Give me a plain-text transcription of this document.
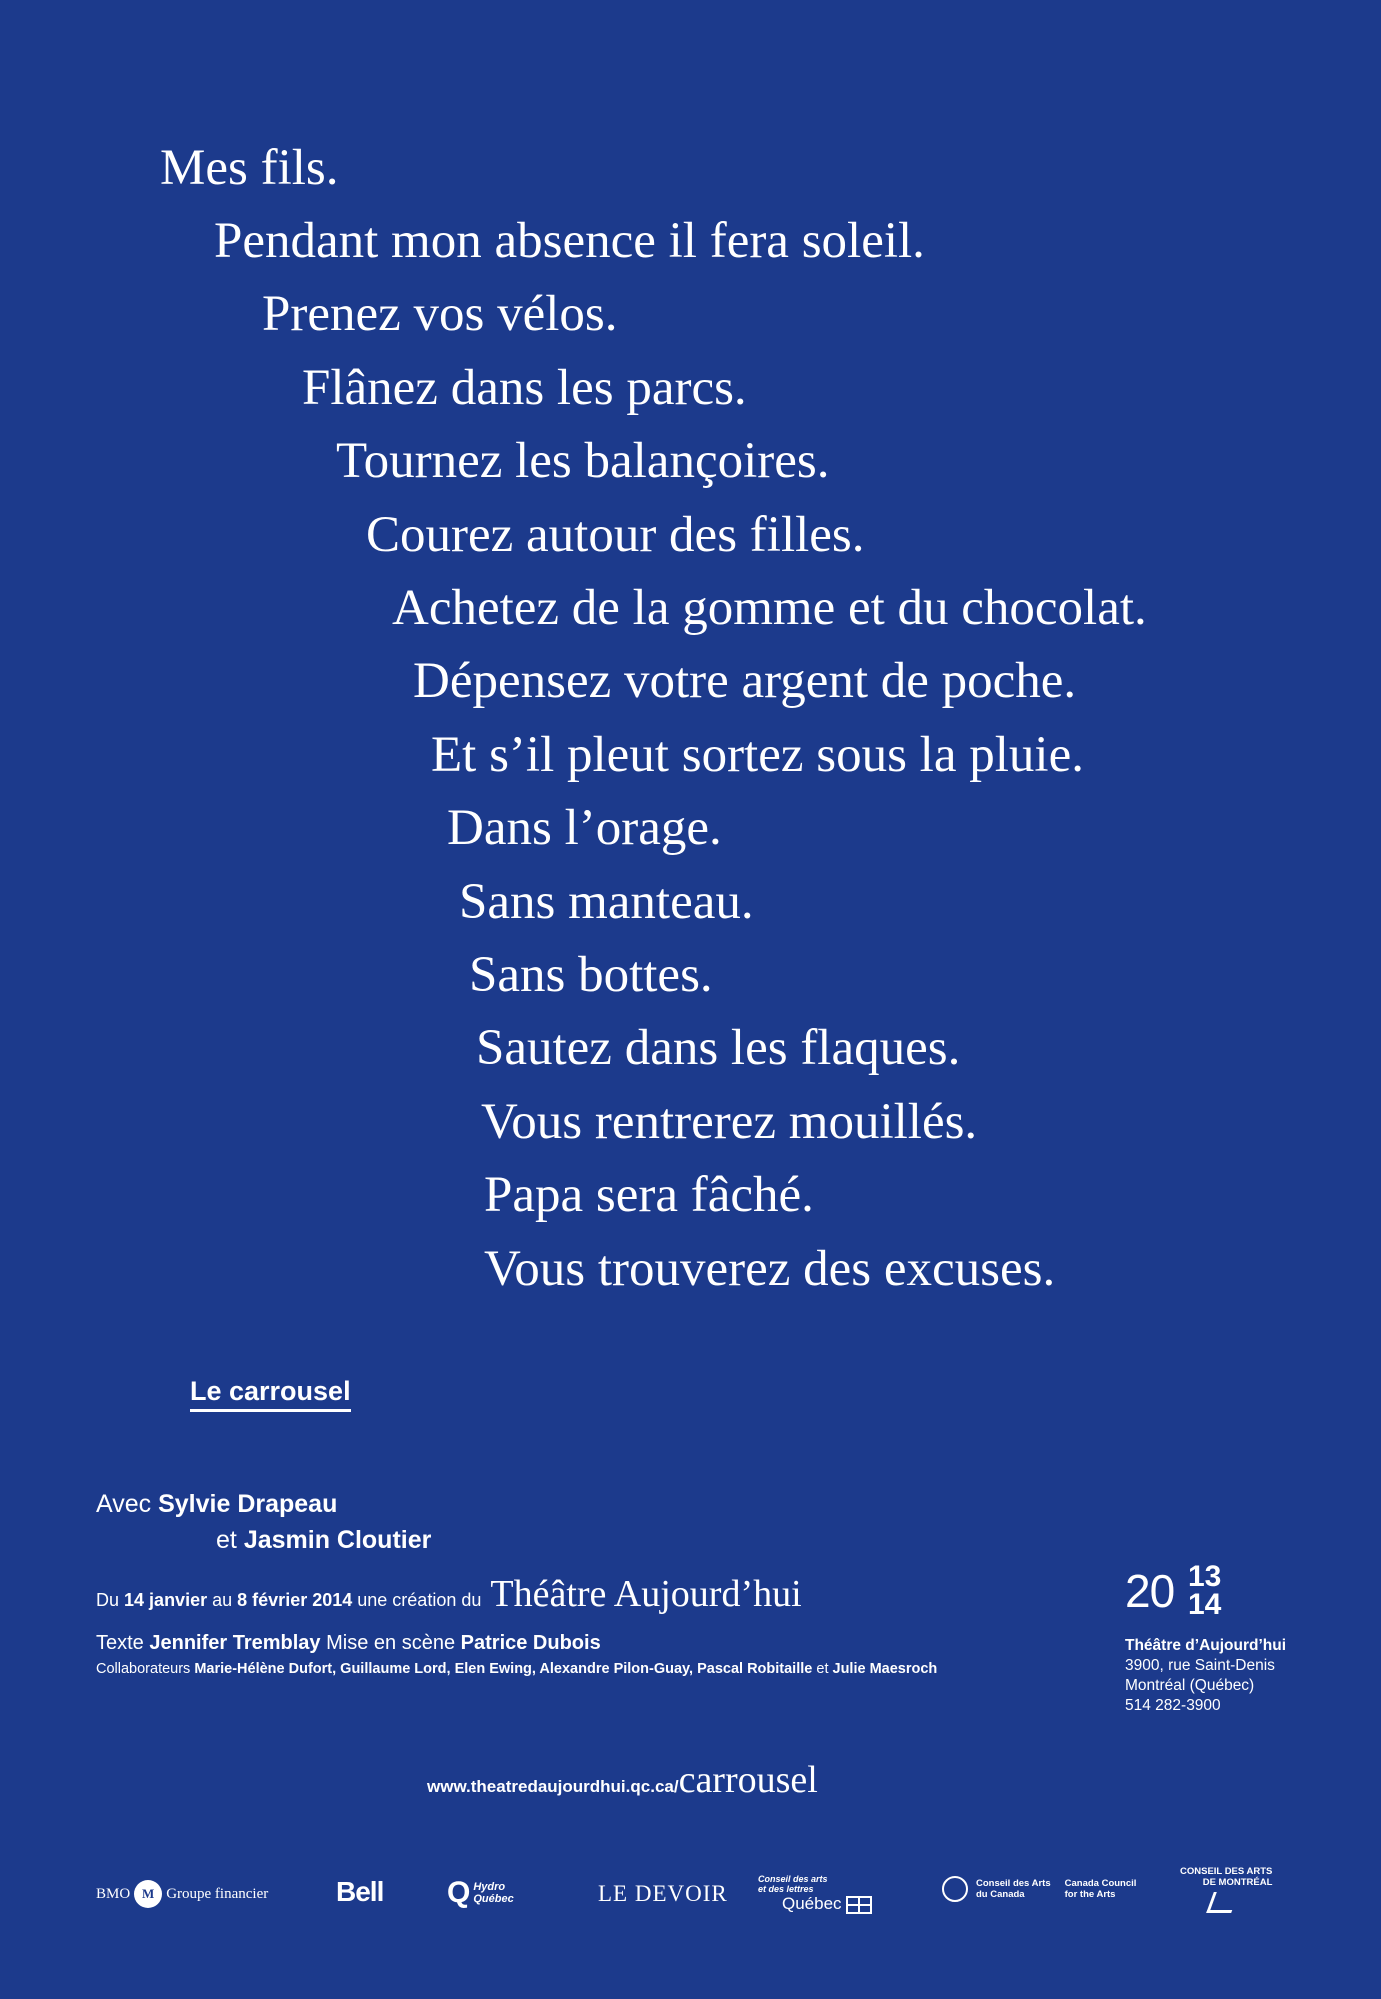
Mes fils.
Pendant mon absence il fera soleil.
Prenez vos vélos.
Flânez dans les parcs.
Tournez les balançoires.
Courez autour des filles.
Achetez de la gomme et du chocolat.
Dépensez votre argent de poche.
Et s’il pleut sortez sous la pluie.
Dans l’orage.
Sans manteau.
Sans bottes.
Sautez dans les flaques.
Vous rentrerez mouillés.
Papa sera fâché.
Vous trouverez des excuses.
Le carrousel
Avec Sylvie Drapeau
et Jasmin Cloutier
Du 14 janvier au 8 février 2014 une création du Théâtre Aujourd’hui
Texte Jennifer Tremblay Mise en scène Patrice Dubois
Collaborateurs Marie-Hélène Dufort, Guillaume Lord, Elen Ewing, Alexandre Pilon-Guay, Pascal Robitaille et Julie Maesroch
20 13
14
Théâtre d’Aujourd’hui
3900, rue Saint-Denis
Montréal (Québec)
514 282-3900
www.theatredaujourdhui.qc.ca/carrousel
BMO M Groupe financier Bell Q Hydro
Québec	LE DEVOIR
Conseil des arts
et des lettres
Québec
Conseil des Arts
du Canada
Canada Council
for the Arts
CONSEIL DES ARTS
DE MONTRÉAL
